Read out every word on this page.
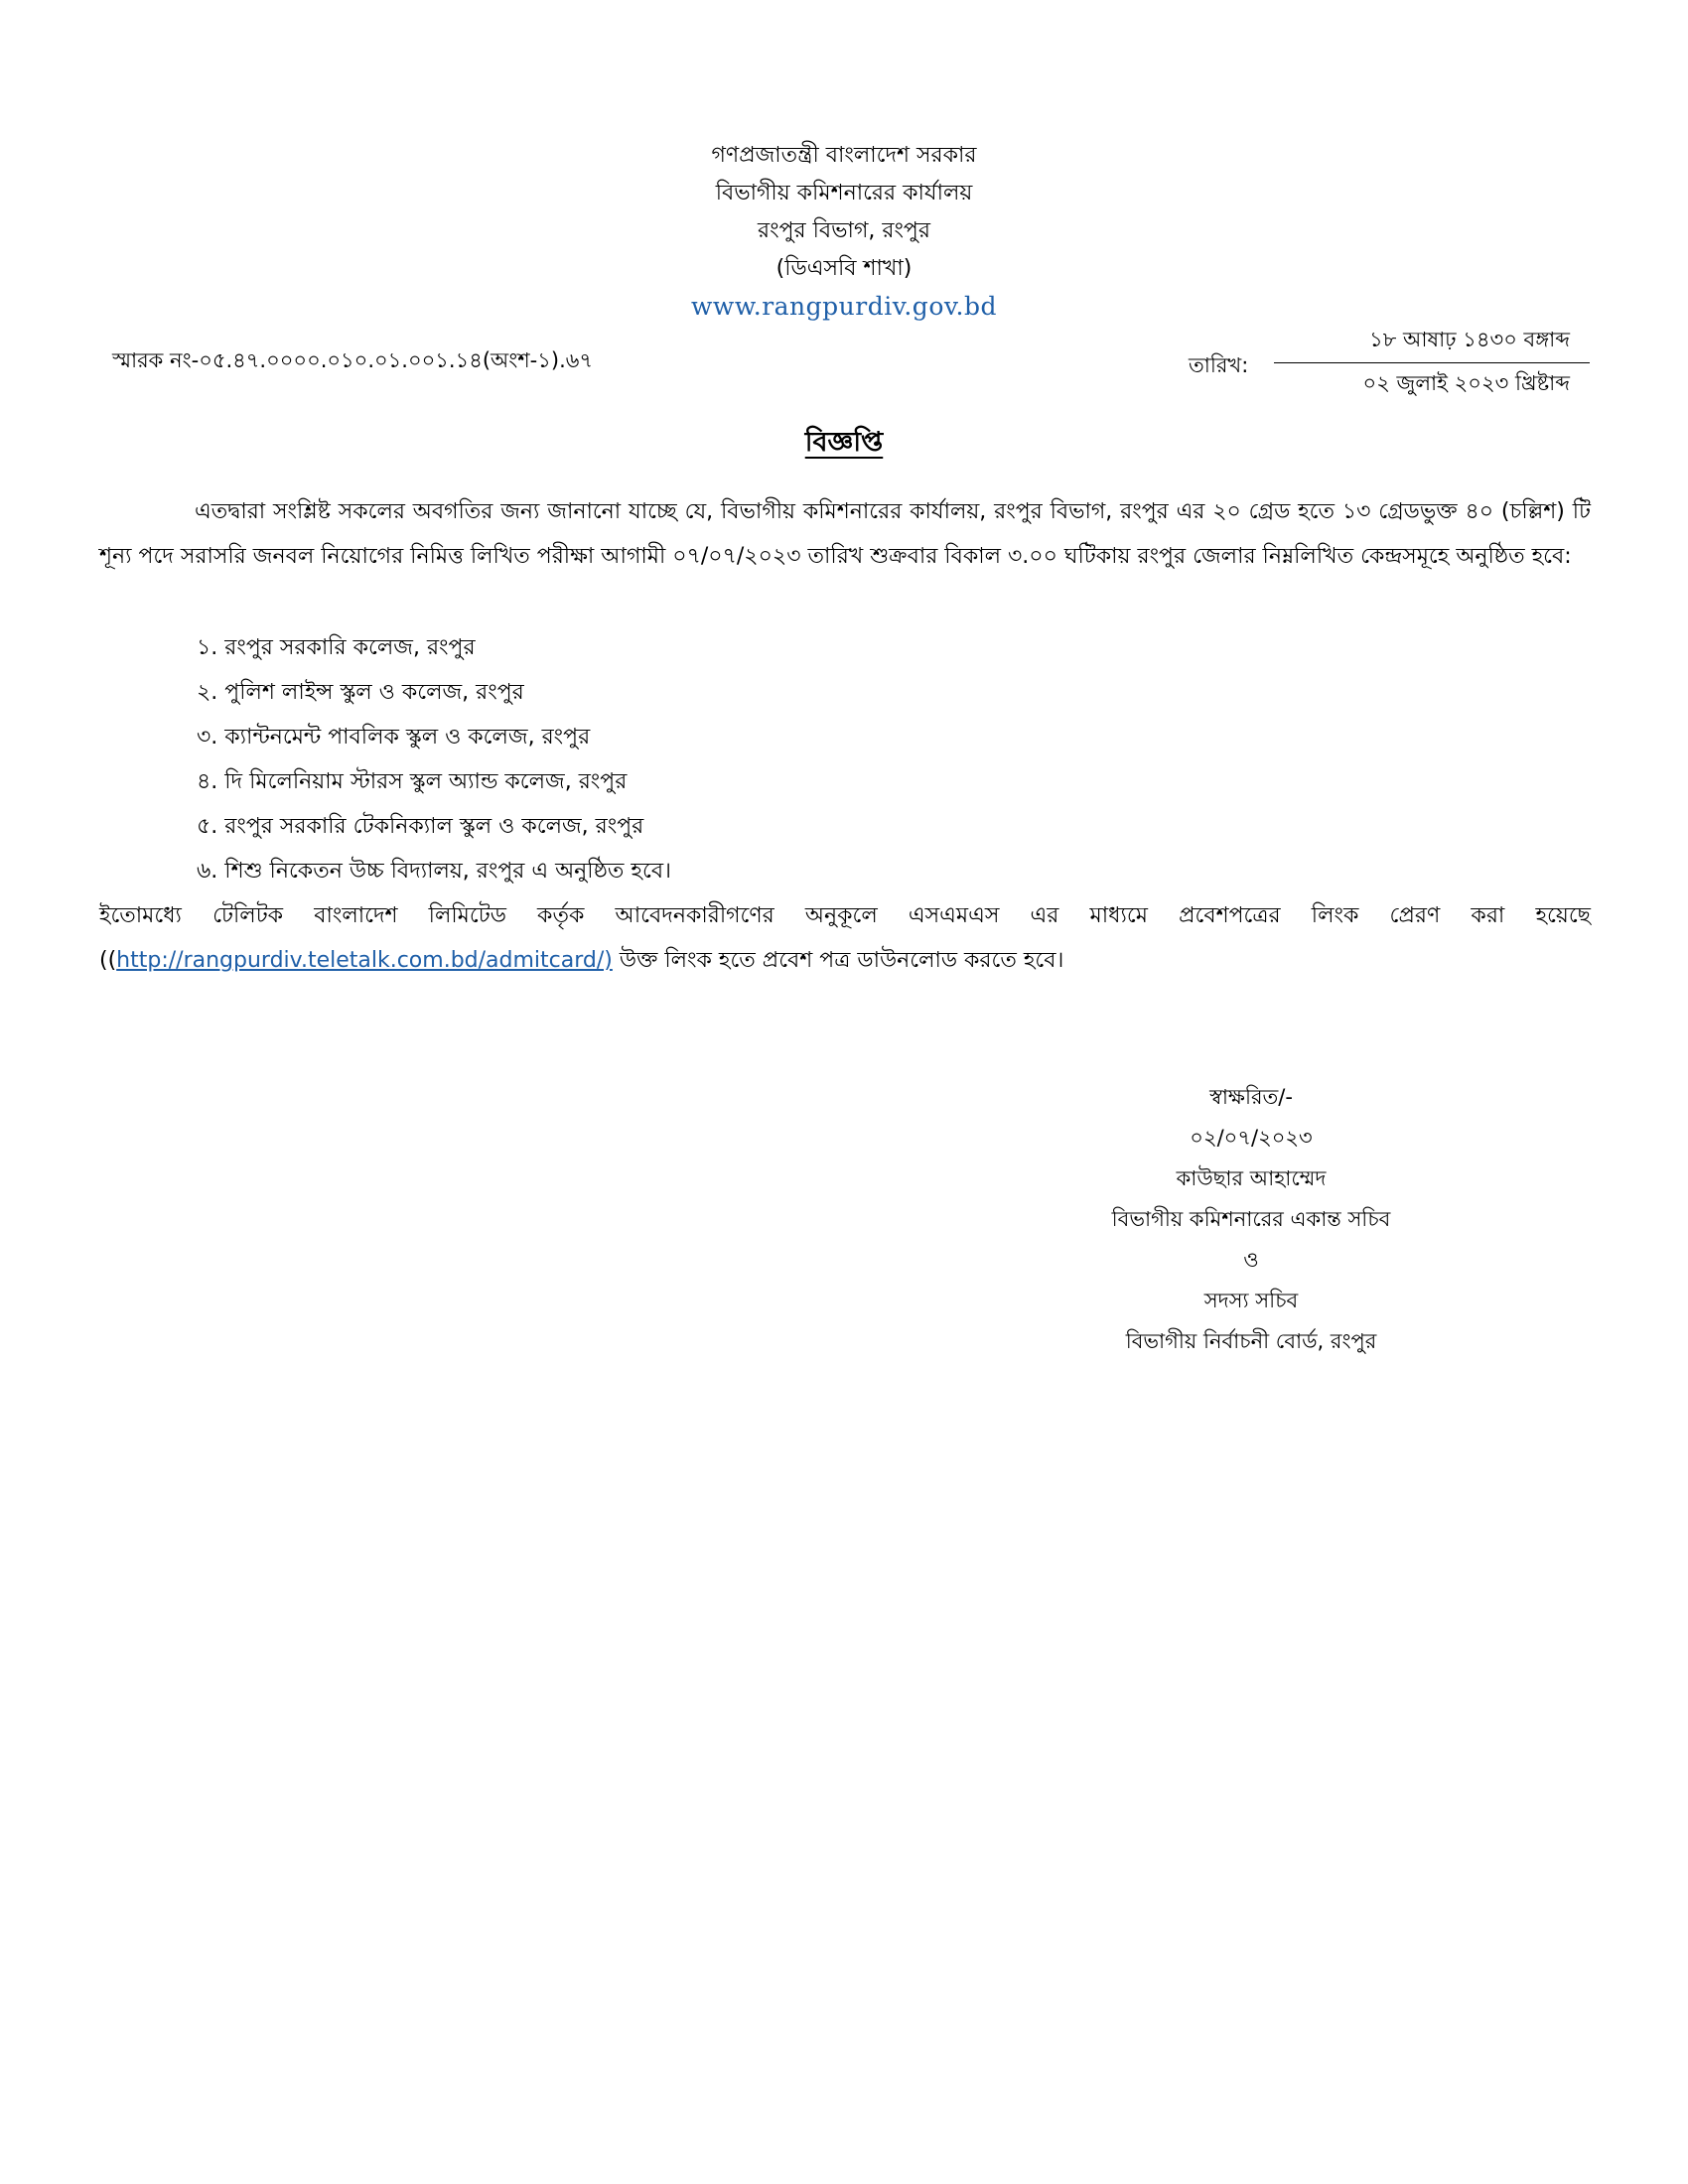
গণপ্রজাতন্ত্রী বাংলাদেশ সরকার
বিভাগীয় কমিশনারের কার্যালয়
রংপুর বিভাগ, রংপুর
(ডিএসবি শাখা)
www.rangpurdiv.gov.bd
স্মারক নং-০৫.৪৭.০০০০.০১০.০১.০০১.১৪(অংশ-১).৬৭	তারিখ:
১৮ আষাঢ় ১৪৩০ বঙ্গাব্দ
০২ জুলাই ২০২৩ খ্রিষ্টাব্দ
বিজ্ঞপ্তি
এতদ্বারা সংশ্লিষ্ট সকলের অবগতির জন্য জানানো যাচ্ছে যে, বিভাগীয় কমিশনারের কার্যালয়, রংপুর বিভাগ, রংপুর এর ২০ গ্রেড হতে ১৩ গ্রেডভুক্ত ৪০ (চল্লিশ) টি শূন্য পদে সরাসরি জনবল নিয়োগের নিমিত্ত লিখিত পরীক্ষা আগামী ০৭/০৭/২০২৩ তারিখ শুক্রবার বিকাল ৩.০০ ঘটিকায় রংপুর জেলার নিম্নলিখিত কেন্দ্রসমূহে অনুষ্ঠিত হবে:
১. রংপুর সরকারি কলেজ, রংপুর
২. পুলিশ লাইন্স স্কুল ও কলেজ, রংপুর
৩. ক্যান্টনমেন্ট পাবলিক স্কুল ও কলেজ, রংপুর
৪. দি মিলেনিয়াম স্টারস স্কুল অ্যান্ড কলেজ, রংপুর
৫. রংপুর সরকারি টেকনিক্যাল স্কুল ও কলেজ, রংপুর
৬. শিশু নিকেতন উচ্চ বিদ্যালয়, রংপুর এ অনুষ্ঠিত হবে।
ইতোমধ্যে টেলিটক বাংলাদেশ লিমিটেড কর্তৃক আবেদনকারীগণের অনুকূলে এসএমএস এর মাধ্যমে প্রবেশপত্রের লিংক প্রেরণ করা হয়েছে ((http://rangpurdiv.teletalk.com.bd/admitcard/) উক্ত লিংক হতে প্রবেশ পত্র ডাউনলোড করতে হবে।
স্বাক্ষরিত/-
০২/০৭/২০২৩
কাউছার আহাম্মেদ
বিভাগীয় কমিশনারের একান্ত সচিব
ও
সদস্য সচিব
বিভাগীয় নির্বাচনী বোর্ড, রংপুর
